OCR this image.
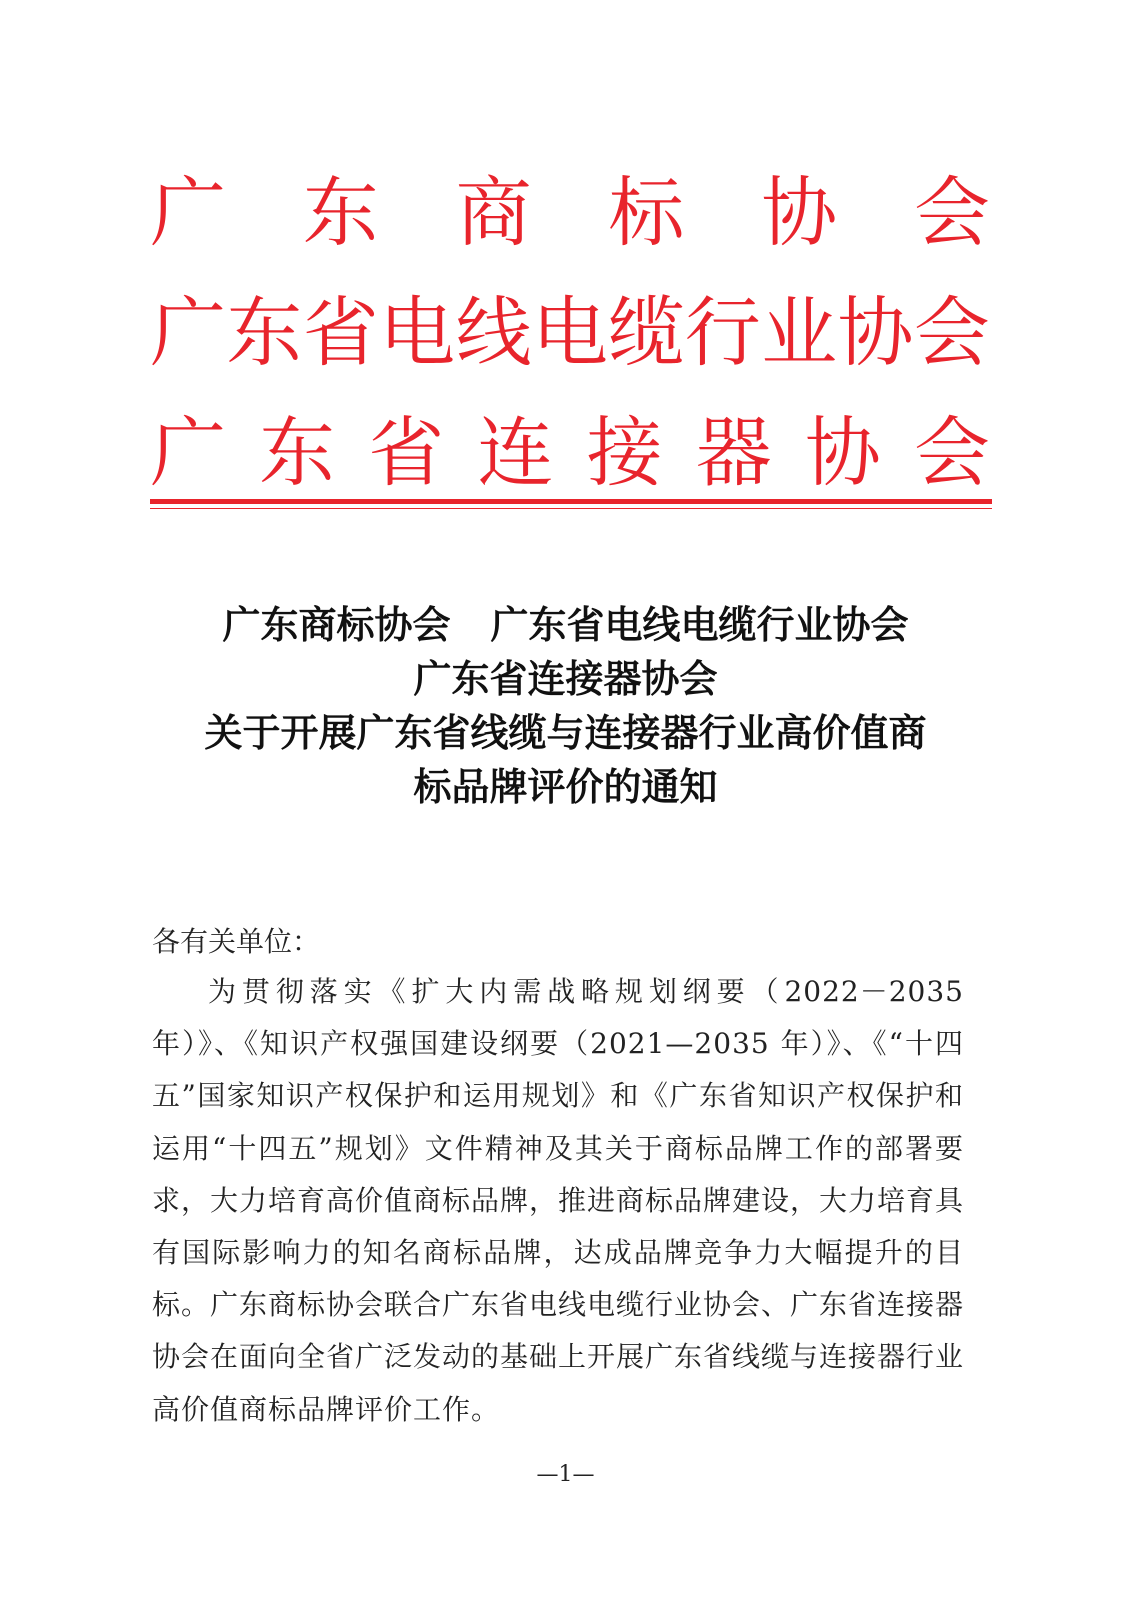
广 东 商 标 协 会
广 东 省 电 线 电 缆 行 业 协 会
广 东 省 连 接 器 协 会
广东商标协会 广东省电线电缆行业协会
广东省连接器协会
关于开展广东省线缆与连接器行业高价值商
标品牌评价的通知
各有关单位：
为贯彻落实《扩大内需战略规划纲要（2022－2035 年）》、《知识产权强国建设纲要（2021—2035 年）》、《“十四五”国家知识产权保护和运用规划》和《广东省知识产权保护和运用“十四五”规划》文件精神及其关于商标品牌工作的部署要求，大力培育高价值商标品牌，推进商标品牌建设，大力培育具有国际影响力的知名商标品牌，达成品牌竞争力大幅提升的目标。广东商标协会联合广东省电线电缆行业协会、广东省连接器协会在面向全省广泛发动的基础上开展广东省线缆与连接器行业高价值商标品牌评价工作。
—1—
